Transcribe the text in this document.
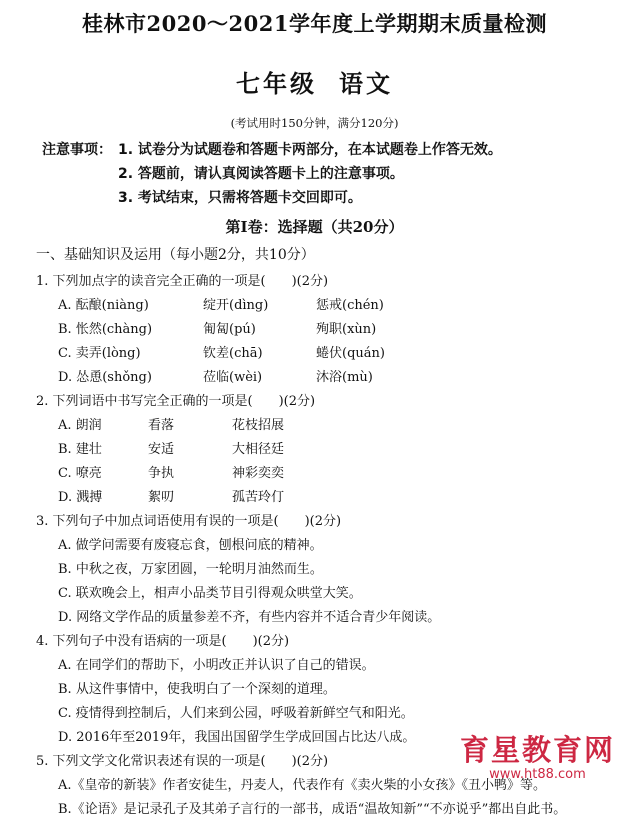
桂林市2020～2021学年度上学期期末质量检测
七年级 语文
(考试用时150分钟，满分120分)
注意事项： 1. 试卷分为试题卷和答题卡两部分，在本试题卷上作答无效。
2. 答题前，请认真阅读答题卡上的注意事项。
3. 考试结束，只需将答题卡交回即可。
第Ⅰ卷：选择题（共20分）
一、基础知识及运用（每小题2分，共10分）
1. 下列加点字的读音完全正确的一项是(　　)(2分)
A. 酝酿(niàng)	绽开(dìng)	惩戒(chén)
B. 怅然(chàng)	匍匐(pú)	殉职(xùn)
C. 卖弄(lòng)	钦差(chā)	蜷伏(quán)
D. 怂恿(shǒng)	莅临(wèi)	沐浴(mù)
2. 下列词语中书写完全正确的一项是(　　)(2分)
A. 朗润	看落	花枝招展
B. 建壮	安适	大相径廷
C. 嘹亮	争执	神彩奕奕
D. 溅搏	絮叨	孤苦玲仃
3. 下列句子中加点词语使用有误的一项是(　　)(2分)
A. 做学问需要有废寝忘食，刨根问底的精神。
B. 中秋之夜，万家团圆，一轮明月油然而生。
C. 联欢晚会上，相声小品类节目引得观众哄堂大笑。
D. 网络文学作品的质量参差不齐，有些内容并不适合青少年阅读。
4. 下列句子中没有语病的一项是(　　)(2分)
A. 在同学们的帮助下，小明改正并认识了自己的错误。
B. 从这件事情中，使我明白了一个深刻的道理。
C. 疫情得到控制后，人们来到公园，呼吸着新鲜空气和阳光。
D. 2016年至2019年，我国出国留学生学成回国占比达八成。
5. 下列文学文化常识表述有误的一项是(　　)(2分)
A.《皇帝的新装》作者安徒生，丹麦人，代表作有《卖火柴的小女孩》《丑小鸭》等。
B.《论语》是记录孔子及其弟子言行的一部书，成语“温故知新”“不亦说乎”都出自此书。
育星教育网
www.ht88.com
